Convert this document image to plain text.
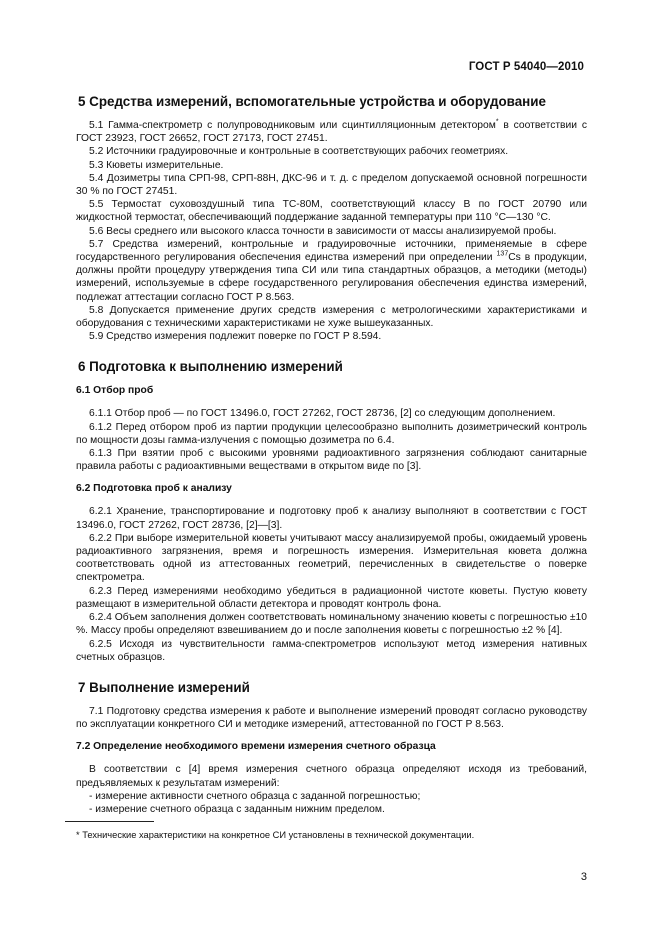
ГОСТ Р 54040—2010
5 Средства измерений, вспомогательные устройства и оборудование

5.1 Гамма-спектрометр с полупроводниковым или сцинтилляционным детектором* в соответствии с ГОСТ 23923, ГОСТ 26652, ГОСТ 27173, ГОСТ 27451.

5.2 Источники градуировочные и контрольные в соответствующих рабочих геометриях.

5.3 Кюветы измерительные.

5.4 Дозиметры типа СРП-98, СРП-88Н, ДКС-96 и т. д. с пределом допускаемой основной погрешности 30 % по ГОСТ 27451.

5.5 Термостат суховоздушный типа ТС-80М, соответствующий классу В по ГОСТ 20790 или жидкостной термостат, обеспечивающий поддержание заданной температуры при 110 °С—130 °С.

5.6 Весы среднего или высокого класса точности в зависимости от массы анализируемой пробы.

5.7 Средства измерений, контрольные и градуировочные источники, применяемые в сфере государственного регулирования обеспечения единства измерений при определении $^{137}$Cs в продукции, должны пройти процедуру утверждения типа СИ или типа стандартных образцов, а методики (методы) измерений, используемые в сфере государственного регулирования обеспечения единства измерений, подлежат аттестации согласно ГОСТ Р 8.563.

5.8 Допускается применение других средств измерения с метрологическими характеристиками и оборудования с техническими характеристиками не хуже вышеуказанных.

5.9 Средство измерения подлежит поверке по ГОСТ Р 8.594.

6 Подготовка к выполнению измерений
6.1 Отбор проб

6.1.1 Отбор проб — по ГОСТ 13496.0, ГОСТ 27262, ГОСТ 28736, [2] со следующим дополнением.

6.1.2 Перед отбором проб из партии продукции целесообразно выполнить дозиметрический контроль по мощности дозы гамма-излучения с помощью дозиметра по 6.4.

6.1.3 При взятии проб с высокими уровнями радиоактивного загрязнения соблюдают санитарные правила работы с радиоактивными веществами в открытом виде по [3].

6.2 Подготовка проб к анализу

6.2.1 Хранение, транспортирование и подготовку проб к анализу выполняют в соответствии с ГОСТ 13496.0, ГОСТ 27262, ГОСТ 28736, [2]—[3].

6.2.2 При выборе измерительной кюветы учитывают массу анализируемой пробы, ожидаемый уровень радиоактивного загрязнения, время и погрешность измерения. Измерительная кювета должна соответствовать одной из аттестованных геометрий, перечисленных в свидетельстве о поверке спектрометра.

6.2.3 Перед измерениями необходимо убедиться в радиационной чистоте кюветы. Пустую кювету размещают в измерительной области детектора и проводят контроль фона.

6.2.4 Объем заполнения должен соответствовать номинальному значению кюветы с погрешностью ±10 %. Массу пробы определяют взвешиванием до и после заполнения кюветы с погрешностью ±2 % [4].

6.2.5 Исходя из чувствительности гамма-спектрометров используют метод измерения нативных счетных образцов.

7 Выполнение измерений

7.1 Подготовку средства измерения к работе и выполнение измерений проводят согласно руководству по эксплуатации конкретного СИ и методике измерений, аттестованной по ГОСТ Р 8.563.

7.2 Определение необходимого времени измерения счетного образца

В соответствии с [4] время измерения счетного образца определяют исходя из требований, предъявляемых к результатам измерений:

- измерение активности счетного образца с заданной погрешностью;
- измерение счетного образца с заданным нижним пределом.
* Технические характеристики на конкретное СИ установлены в технической документации.
3
